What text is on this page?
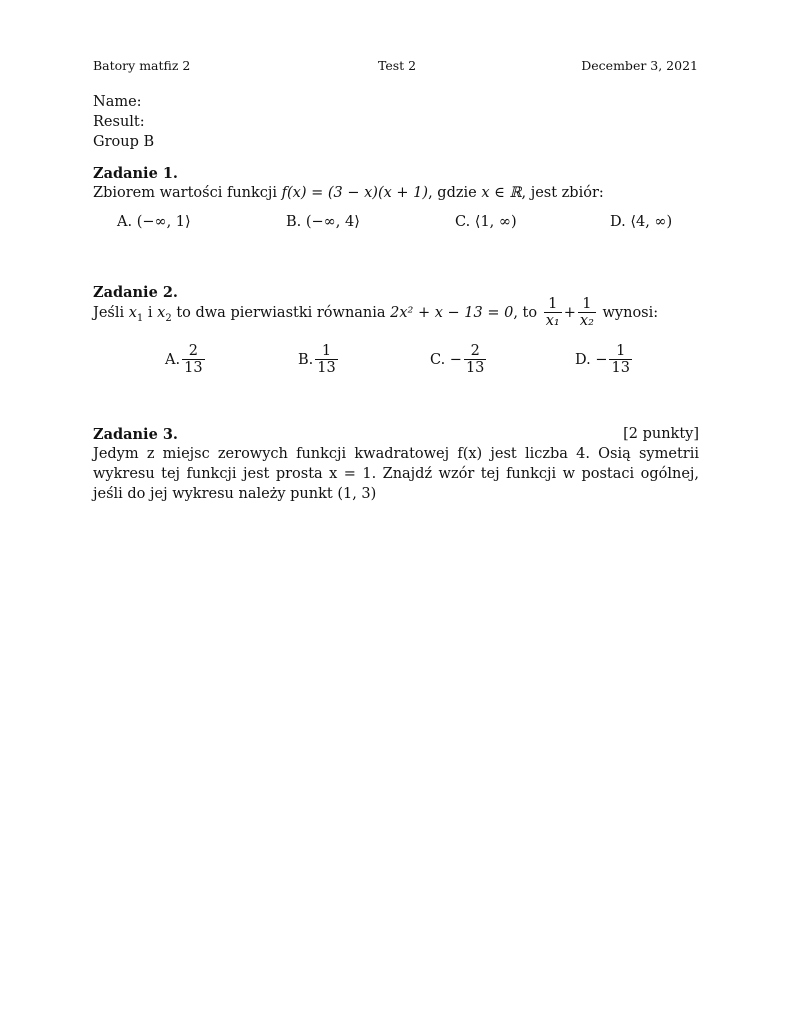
Batory matfiz 2	Test 2	December 3, 2021
Name:
Result:
Group B
Zadanie 1.
Zbiorem wartości funkcji f(x) = (3 − x)(x + 1), gdzie x ∈ ℝ, jest zbiór:
A. (−∞, 1⟩	B. (−∞, 4⟩	C. ⟨1, ∞)	D. ⟨4, ∞)
Zadanie 2.
Jeśli $x_1$ i $x_2$ to dwa pierwiastki równania 2x² + x − 13 = 0, to $\frac{1}{\text{x₁}} + \frac{1}{\text{x₂}}$ wynosi:
A. $\frac{2}{13}$	B. $\frac{1}{13}$	C. − $\frac{2}{13}$	D. − $\frac{1}{13}$
Zadanie 3.	[2 punkty]
Jedym z miejsc zerowych funkcji kwadratowej f(x) jest liczba 4. Osią symetrii wykresu tej funkcji jest prosta x = 1. Znajdź wzór tej funkcji w postaci ogólnej, jeśli do jej wykresu należy punkt (1, 3)
